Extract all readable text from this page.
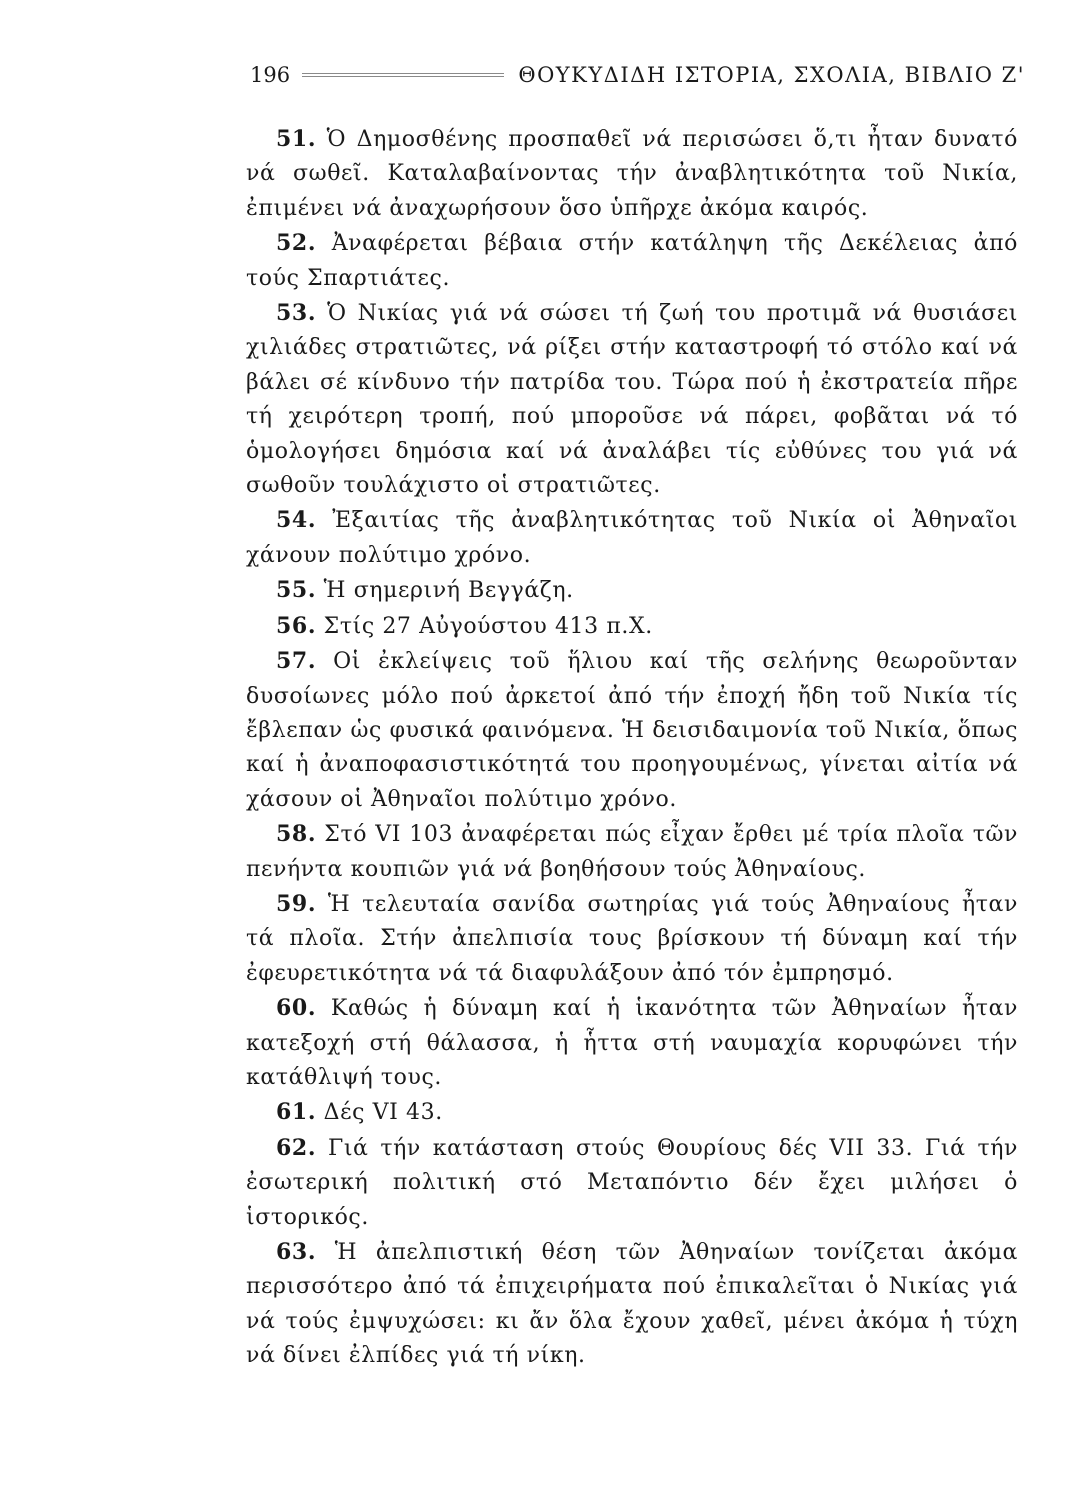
196	ΘΟΥΚΥΔΙΔΗ ΙΣΤΟΡΙΑ, ΣΧΟΛΙΑ, ΒΙΒΛΙΟ Ζ'

51. Ὁ Δημοσθένης προσπαθεῖ νά περισώσει ὅ,τι ἦταν δυνατό νά σωθεῖ. Καταλαβαίνοντας τήν ἀναβλητικότητα τοῦ Νικία, ἐπιμένει νά ἀναχωρήσουν ὅσο ὑπῆρχε ἀκόμα καιρός.

52. Ἀναφέρεται βέβαια στήν κατάληψη τῆς Δεκέλειας ἀπό τούς Σπαρτιάτες.

53. Ὁ Νικίας γιά νά σώσει τή ζωή του προτιμᾶ νά θυσιάσει χιλιάδες στρατιῶτες, νά ρίξει στήν καταστροφή τό στόλο καί νά βάλει σέ κίνδυνο τήν πατρίδα του. Τώρα πού ἡ ἐκστρατεία πῆρε τή χειρότερη τροπή, πού μποροῦσε νά πάρει, φοβᾶται νά τό ὁμολογήσει δημόσια καί νά ἀναλάβει τίς εὐθύνες του γιά νά σωθοῦν τουλάχιστο οἱ στρατιῶτες.

54. Ἐξαιτίας τῆς ἀναβλητικότητας τοῦ Νικία οἱ Ἀθηναῖοι χάνουν πολύτιμο χρόνο.

55. Ἡ σημερινή Βεγγάζη.

56. Στίς 27 Αὐγούστου 413 π.Χ.

57. Οἱ ἐκλείψεις τοῦ ἥλιου καί τῆς σελήνης θεωροῦνταν δυσοίωνες μόλο πού ἀρκετοί ἀπό τήν ἐποχή ἤδη τοῦ Νικία τίς ἔβλεπαν ὡς φυσικά φαινόμενα. Ἡ δεισιδαιμονία τοῦ Νικία, ὅπως καί ἡ ἀναποφασιστικότητά του προηγουμένως, γίνεται αἰτία νά χάσουν οἱ Ἀθηναῖοι πολύτιμο χρόνο.

58. Στό VI 103 ἀναφέρεται πώς εἶχαν ἔρθει μέ τρία πλοῖα τῶν πενήντα κουπιῶν γιά νά βοηθήσουν τούς Ἀθηναίους.

59. Ἡ τελευταία σανίδα σωτηρίας γιά τούς Ἀθηναίους ἦταν τά πλοῖα. Στήν ἀπελπισία τους βρίσκουν τή δύναμη καί τήν ἐφευρετικότητα νά τά διαφυλάξουν ἀπό τόν ἐμπρησμό.

60. Καθώς ἡ δύναμη καί ἡ ἱκανότητα τῶν Ἀθηναίων ἦταν κατεξοχή στή θάλασσα, ἡ ἧττα στή ναυμαχία κορυφώνει τήν κατάθλιψή τους.

61. Δές VI 43.

62. Γιά τήν κατάσταση στούς Θουρίους δές VII 33. Γιά τήν ἐσωτερική πολιτική στό Μεταπόντιο δέν ἔχει μιλήσει ὁ ἱστορικός.

63. Ἡ ἀπελπιστική θέση τῶν Ἀθηναίων τονίζεται ἀκόμα περισσότερο ἀπό τά ἐπιχειρήματα πού ἐπικαλεῖται ὁ Νικίας γιά νά τούς ἐμψυχώσει: κι ἄν ὅλα ἔχουν χαθεῖ, μένει ἀκόμα ἡ τύχη νά δίνει ἐλπίδες γιά τή νίκη.
